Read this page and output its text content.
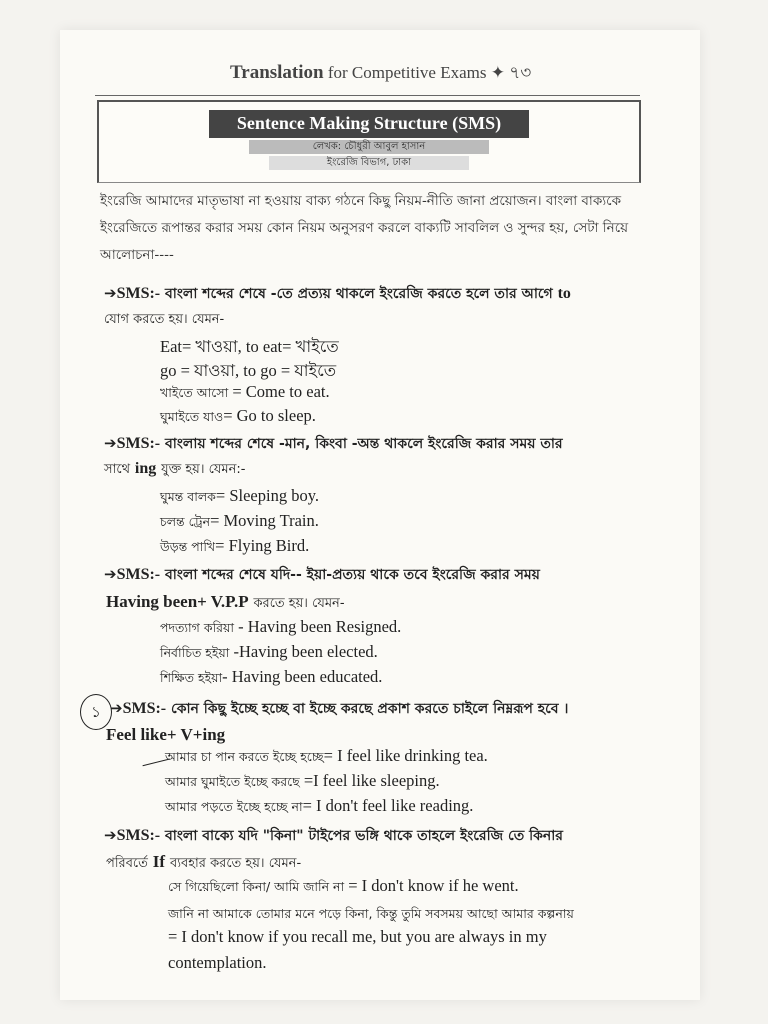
Translation for Competitive Exams ✦ ৭৩
Sentence Making Structure (SMS)
লেখক: চৌধুরী আবুল হাসান
ইংরেজি বিভাগ, ঢাকা
ইংরেজি আমাদের মাতৃভাষা না হওয়ায় বাক্য গঠনে কিছু নিয়ম-নীতি জানা প্রয়োজন। বাংলা বাক্যকে ইংরেজিতে রূপান্তর করার সময় কোন নিয়ম অনুসরণ করলে বাক্যটি সাবলিল ও সুন্দর হয়, সেটা নিয়ে আলোচনা----
➔SMS:- বাংলা শব্দের শেষে -তে প্রত্যয় থাকলে ইংরেজি করতে হলে তার আগে to
যোগ করতে হয়। যেমন-
Eat= খাওয়া, to eat= খাইতে
go = যাওয়া, to go = যাইতে
খাইতে আসো = Come to eat.
ঘুমাইতে যাও= Go to sleep.
➔SMS:- বাংলায় শব্দের শেষে -মান, কিংবা -অন্ত থাকলে ইংরেজি করার সময় তার
সাথে ing যুক্ত হয়। যেমন:-
ঘুমন্ত বালক= Sleeping boy.
চলন্ত ট্রেন= Moving Train.
উড়ন্ত পাখি= Flying Bird.
➔SMS:- বাংলা শব্দের শেষে যদি-- ইয়া-প্রত্যয় থাকে তবে ইংরেজি করার সময়
Having been+ V.P.P করতে হয়। যেমন-
পদত্যাগ করিয়া - Having been Resigned.
নির্বাচিত হইয়া -Having been elected.
শিক্ষিত হইয়া- Having been educated.
১ ➔SMS:- কোন কিছু ইচ্ছে হচ্ছে বা ইচ্ছে করছে প্রকাশ করতে চাইলে নিম্নরূপ হবে ।
Feel like+ V+ing
আমার চা পান করতে ইচ্ছে হচ্ছে= I feel like drinking tea.
আমার ঘুমাইতে ইচ্ছে করছে =I feel like sleeping.
আমার পড়তে ইচ্ছে হচ্ছে না= I don't feel like reading.
➔SMS:- বাংলা বাক্যে যদি "কিনা" টাইপের ভঙ্গি থাকে তাহলে ইংরেজি তে কিনার
পরিবর্তে If ব্যবহার করতে হয়। যেমন-
সে গিয়েছিলো কিনা/ আমি জানি না = I don't know if he went.
জানি না আমাকে তোমার মনে পড়ে কিনা, কিন্তু তুমি সবসময় আছো আমার কল্পনায়
= I don't know if you recall me, but you are always in my
contemplation.
